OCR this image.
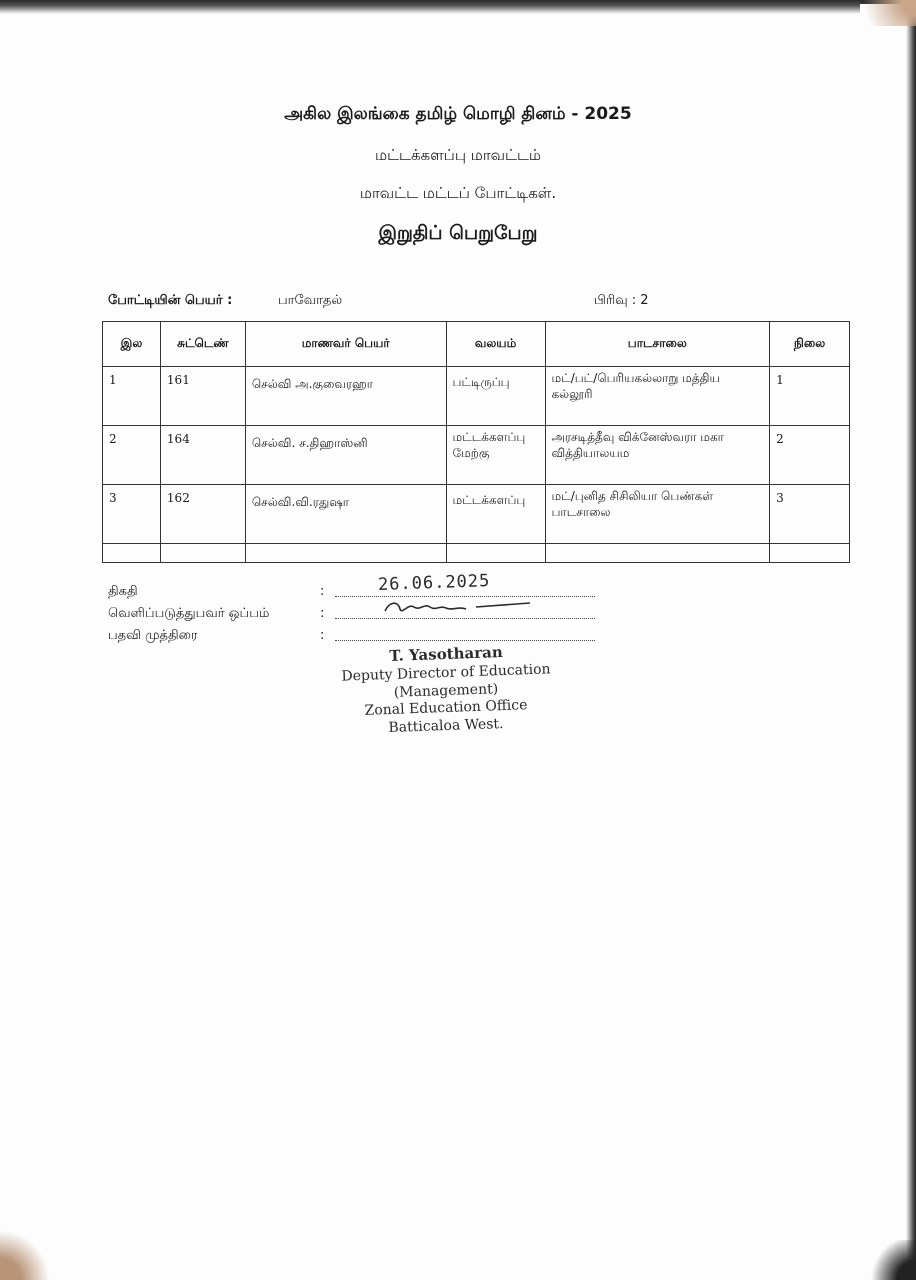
அகில இலங்கை தமிழ் மொழி தினம் - 2025
மட்டக்களப்பு மாவட்டம்
மாவட்ட மட்டப் போட்டிகள்.
இறுதிப் பெறுபேறு
போட்டியின் பெயர் :	பாவோதல்	பிரிவு : 2
இல	சுட்டெண்	மாணவர் பெயர்	வலயம்	பாடசாலை	நிலை
1	161	செல்வி அ.குவைரஹா	பட்டிருப்பு	மட்/பட்/பெரியகல்லாறு மத்திய கல்லூரி	1
2	164	செல்வி. ச.திஹாஸ்னி	மட்டக்களப்பு மேற்கு	அரசடித்தீவு விக்னேஸ்வரா மகா வித்தியாலயம	2
3	162	செல்வி.வி.ரதுஷா	மட்டக்களப்பு	மட்/புனித சிசிலியா பெண்கள் பாடசாலை	3

திகதி	:	26.06.2025
வெளிப்படுத்துபவர் ஒப்பம்	:
பதவி முத்திரை	:
T. Yasotharan
Deputy Director of Education
(Management)
Zonal Education Office
Batticaloa West.
